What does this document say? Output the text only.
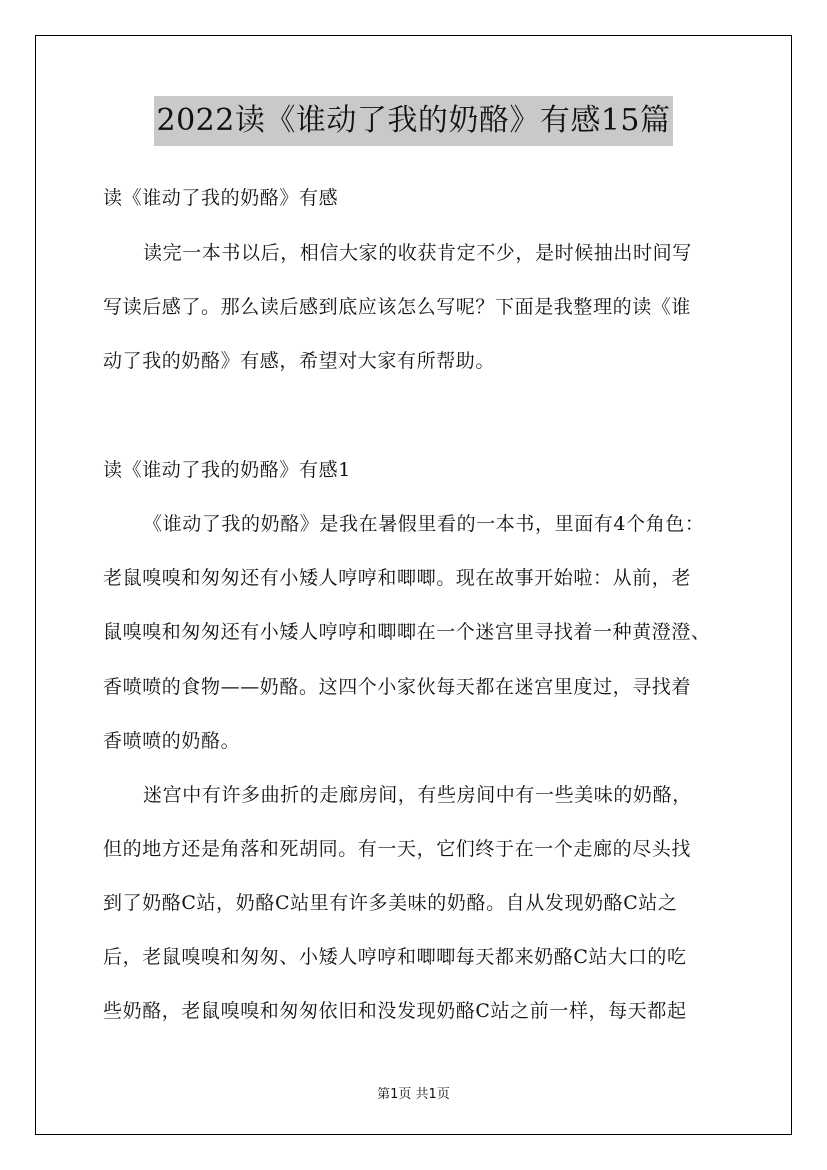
2022读《谁动了我的奶酪》有感15篇
读《谁动了我的奶酪》有感
读完一本书以后，相信大家的收获肯定不少，是时候抽出时间写
写读后感了。那么读后感到底应该怎么写呢？下面是我整理的读《谁
动了我的奶酪》有感，希望对大家有所帮助。
读《谁动了我的奶酪》有感1
《谁动了我的奶酪》是我在暑假里看的一本书，里面有4个角色：
老鼠嗅嗅和匆匆还有小矮人哼哼和唧唧。现在故事开始啦：从前，老
鼠嗅嗅和匆匆还有小矮人哼哼和唧唧在一个迷宫里寻找着一种黄澄澄、
香喷喷的食物——奶酪。这四个小家伙每天都在迷宫里度过，寻找着
香喷喷的奶酪。
迷宫中有许多曲折的走廊房间，有些房间中有一些美味的奶酪，
但的地方还是角落和死胡同。有一天，它们终于在一个走廊的尽头找
到了奶酪C站，奶酪C站里有许多美味的奶酪。自从发现奶酪C站之
后，老鼠嗅嗅和匆匆、小矮人哼哼和唧唧每天都来奶酪C站大口的吃
些奶酪，老鼠嗅嗅和匆匆依旧和没发现奶酪C站之前一样，每天都起
第1页 共1页
